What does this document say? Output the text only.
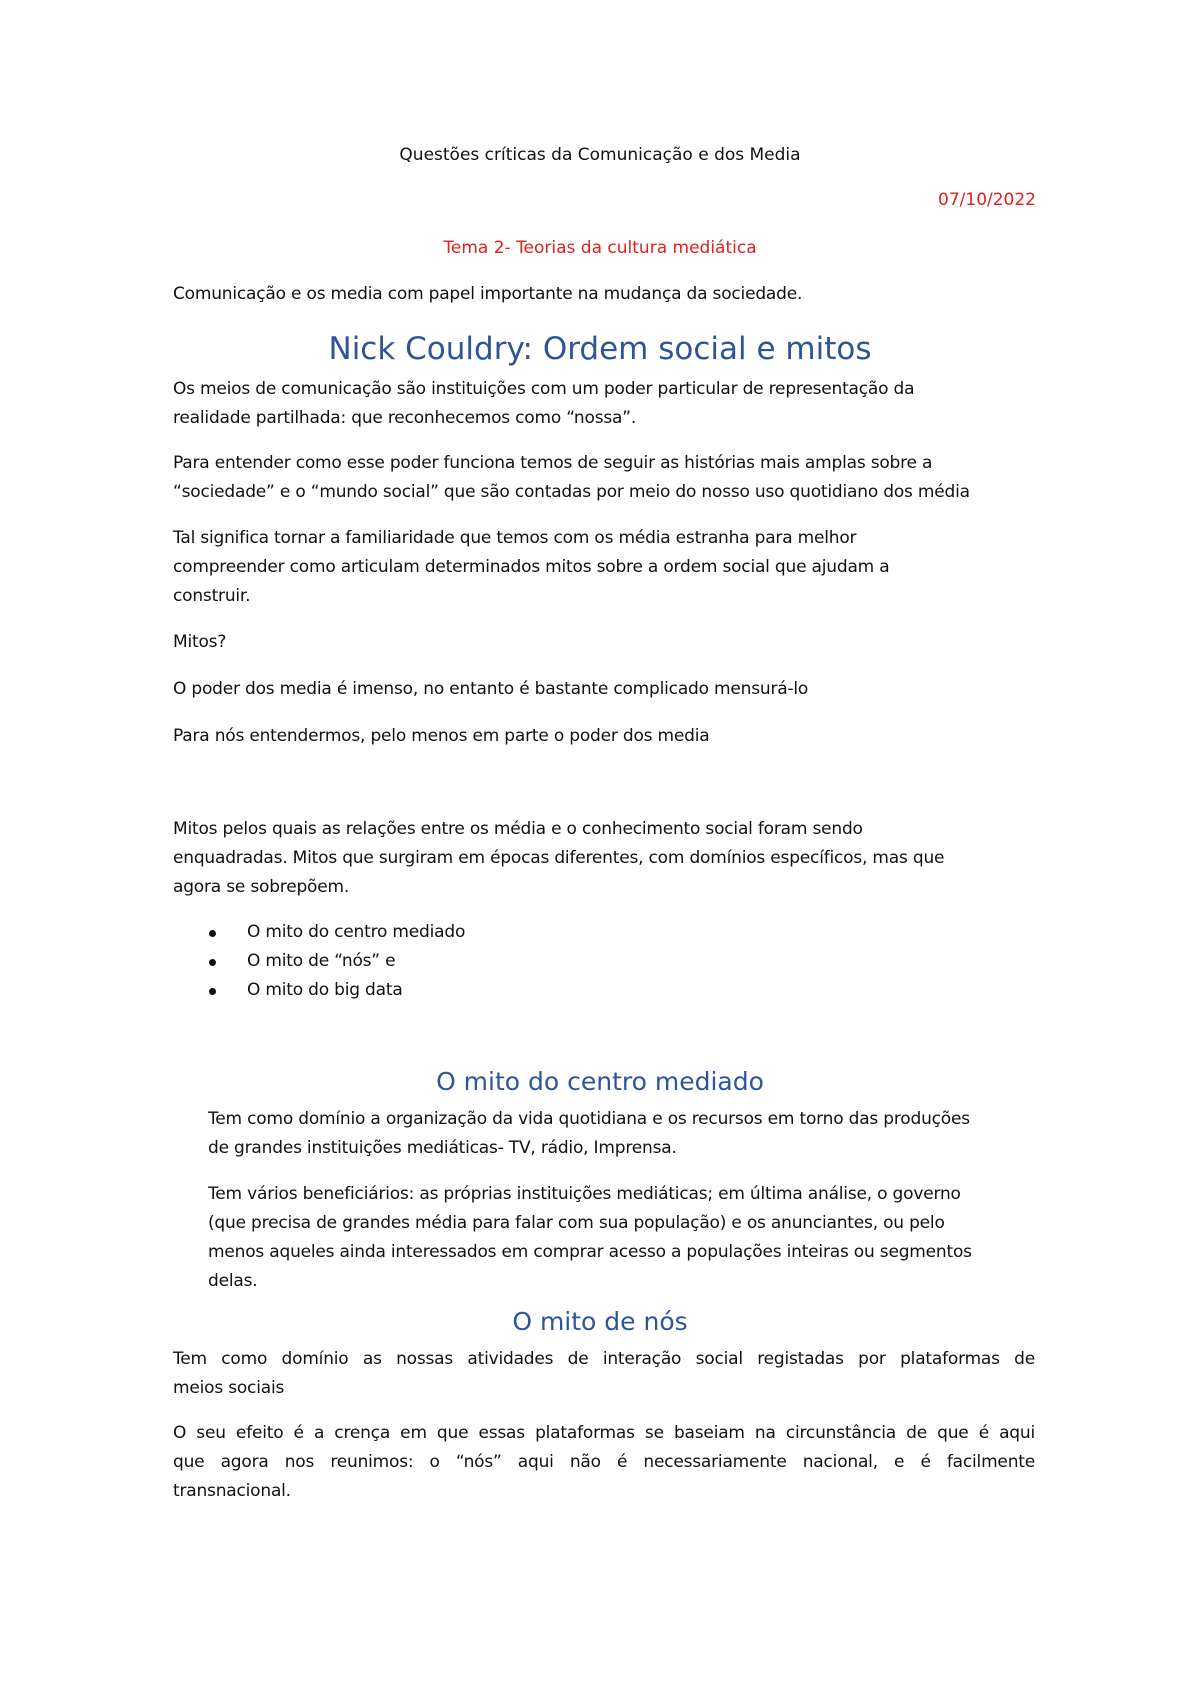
Questões críticas da Comunicação e dos Media

07/10/2022

Tema 2- Teorias da cultura mediática

Comunicação e os media com papel importante na mudança da sociedade.

Nick Couldry: Ordem social e mitos
Os meios de comunicação são instituições com um poder particular de representação da
realidade partilhada: que reconhecemos como “nossa”.
Para entender como esse poder funciona temos de seguir as histórias mais amplas sobre a
“sociedade” e o “mundo social” que são contadas por meio do nosso uso quotidiano dos média
Tal significa tornar a familiaridade que temos com os média estranha para melhor
compreender como articulam determinados mitos sobre a ordem social que ajudam a
construir.

Mitos?

O poder dos media é imenso, no entanto é bastante complicado mensurá-lo

Para nós entendermos, pelo menos em parte o poder dos media

Mitos pelos quais as relações entre os média e o conhecimento social foram sendo
enquadradas. Mitos que surgiram em épocas diferentes, com domínios específicos, mas que
agora se sobrepõem.
O mito do centro mediado
O mito de “nós” e
O mito do big data
O mito do centro mediado
Tem como domínio a organização da vida quotidiana e os recursos em torno das produções
de grandes instituições mediáticas- TV, rádio, Imprensa.
Tem vários beneficiários: as próprias instituições mediáticas; em última análise, o governo
(que precisa de grandes média para falar com sua população) e os anunciantes, ou pelo
menos aqueles ainda interessados em comprar acesso a populações inteiras ou segmentos
delas.
O mito de nós
Tem como domínio as nossas atividades de interação social registadas por plataformas de
meios sociais
O seu efeito é a crença em que essas plataformas se baseiam na circunstância de que é aqui
que agora nos reunimos: o “nós” aqui não é necessariamente nacional, e é facilmente
transnacional.
